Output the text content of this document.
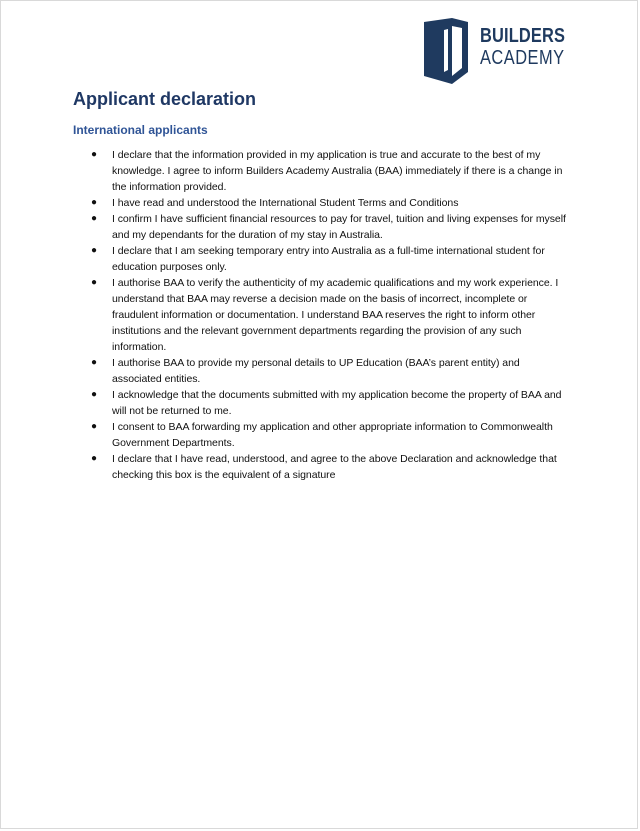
BUILDERS
ACADEMY
Applicant declaration
International applicants
● I declare that the information provided in my application is true and accurate to the best of my knowledge. I agree to inform Builders Academy Australia (BAA) immediately if there is a change in the information provided.
● I have read and understood the International Student Terms and Conditions
● I confirm I have sufficient financial resources to pay for travel, tuition and living expenses for myself and my dependants for the duration of my stay in Australia.
● I declare that I am seeking temporary entry into Australia as a full-time international student for education purposes only.
● I authorise BAA to verify the authenticity of my academic qualifications and my work experience. I understand that BAA may reverse a decision made on the basis of incorrect, incomplete or fraudulent information or documentation. I understand BAA reserves the right to inform other institutions and the relevant government departments regarding the provision of any such information.
● I authorise BAA to provide my personal details to UP Education (BAA’s parent entity) and associated entities.
● I acknowledge that the documents submitted with my application become the property of BAA and will not be returned to me.
● I consent to BAA forwarding my application and other appropriate information to Commonwealth Government Departments.
● I declare that I have read, understood, and agree to the above Declaration and acknowledge that checking this box is the equivalent of a signature
